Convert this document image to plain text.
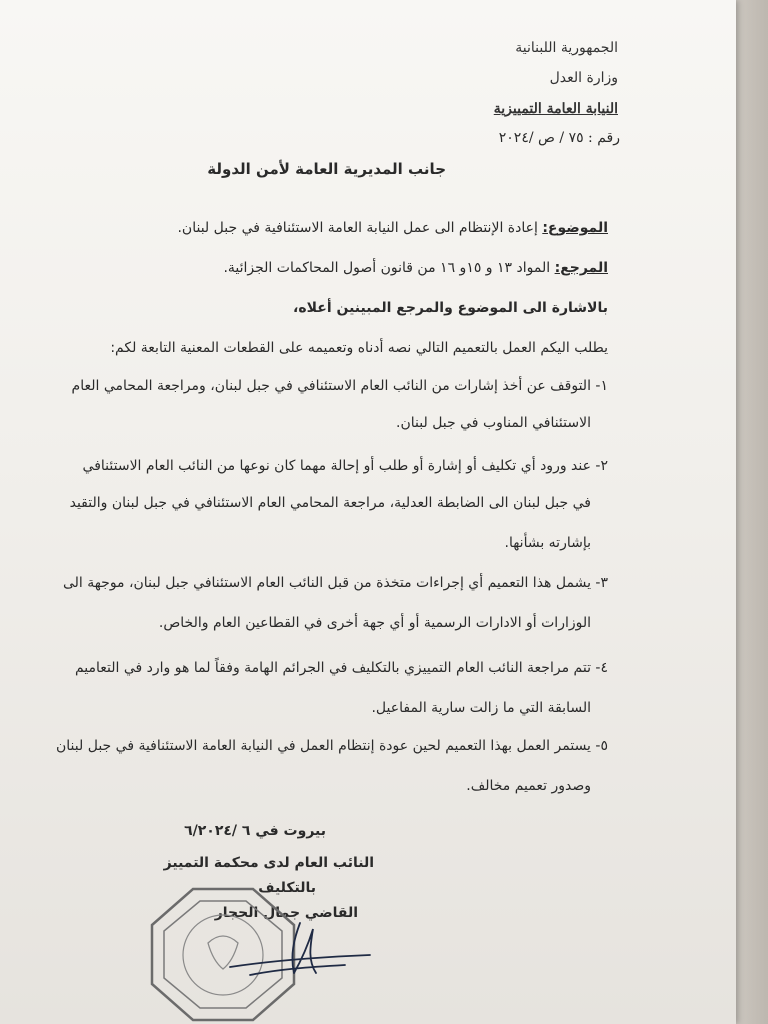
الجمهورية اللبنانية
وزارة العدل
النيابة العامة التمييزية
رقم : ٧٥ / ص /٢٠٢٤
جانب المديرية العامة لأمن الدولة
الموضوع: إعادة الإنتظام الى عمل النيابة العامة الاستئنافية في جبل لبنان.
المرجع: المواد ١٣ و ١٥و ١٦ من قانون أصول المحاكمات الجزائية.
بالاشارة الى الموضوع والمرجع المبينين أعلاه،
يطلب اليكم العمل بالتعميم التالي نصه أدناه وتعميمه على القطعات المعنية التابعة لكم:
١- التوقف عن أخذ إشارات من النائب العام الاستئنافي في جبل لبنان، ومراجعة المحامي العام
الاستئنافي المناوب في جبل لبنان.
٢- عند ورود أي تكليف أو إشارة أو طلب أو إحالة مهما كان نوعها من النائب العام الاستئنافي
في جبل لبنان الى الضابطة العدلية، مراجعة المحامي العام الاستئنافي في جبل لبنان والتقيد
بإشارته بشأنها.
٣- يشمل هذا التعميم أي إجراءات متخذة من قبل النائب العام الاستئنافي جبل لبنان، موجهة الى
الوزارات أو الادارات الرسمية أو أي جهة أخرى في القطاعين العام والخاص.
٤- تتم مراجعة النائب العام التمييزي بالتكليف في الجرائم الهامة وفقاً لما هو وارد في التعاميم
السابقة التي ما زالت سارية المفاعيل.
٥- يستمر العمل بهذا التعميم لحين عودة إنتظام العمل في النيابة العامة الاستئنافية في جبل لبنان
وصدور تعميم مخالف.
بيروت في ٦ /٦/٢٠٢٤
النائب العام لدى محكمة التمييز
بالتكليف
القاضي جمال الحجار
